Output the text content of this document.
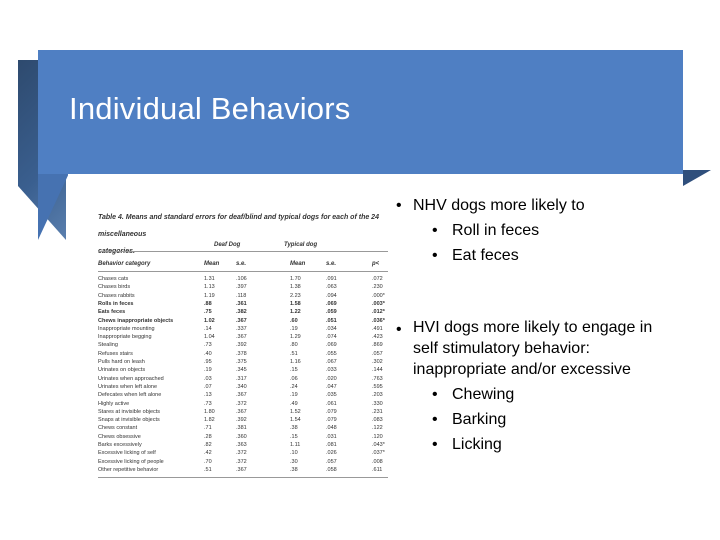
Individual Behaviors
Table 4. Means and standard errors for deaf/blind and typical dogs for each of the 24 miscellaneous
Deaf Dog	Typical dog
Behavior category	Mean	s.e.	Mean	s.e.	p<
Chases cats	1.31	.106	1.70	.091	.072
Chases birds	1.13	.397	1.38	.063	.230
Chases rabbits	1.19	.118	2.23	.094	.000*
Rolls in feces	.88	.361	1.58	.069	.003*
Eats feces	.75	.382	1.22	.059	.012*
Chews inappropriate objects	1.02	.367	.60	.051	.036*
Inappropriate mounting	.14	.337	.19	.034	.491
Inappropriate begging	1.04	.367	1.29	.074	.423
Stealing	.73	.392	.80	.069	.869
Refuses stairs	.40	.378	.51	.055	.057
Pulls hard on leash	.95	.375	1.16	.067	.302
Urinates on objects	.19	.345	.15	.033	.144
Urinates when approached	.03	.317	.06	.020	.763
Urinates when left alone	.07	.340	.24	.047	.595
Defecates when left alone	.13	.367	.19	.035	.203
Highly active	.73	.372	.49	.061	.330
Stares at invisible objects	1.80	.367	1.52	.079	.231
Snaps at invisible objects	1.82	.392	1.54	.079	.083
Chews constant	.71	.381	.38	.048	.122
Chews obsessive	.28	.360	.15	.031	.120
Barks excessively	.82	.363	1.11	.081	.043*
Excessive licking of self	.42	.372	.10	.026	.037*
Excessive licking of people	.70	.372	.30	.057	.008
Other repetitive behavior	.51	.367	.38	.058	.611
• NHV dogs more likely to
• Roll in feces
• Eat feces
• HVI dogs more likely to engage in
self stimulatory behavior:
inappropriate and/or excessive
• Chewing
• Barking
• Licking
